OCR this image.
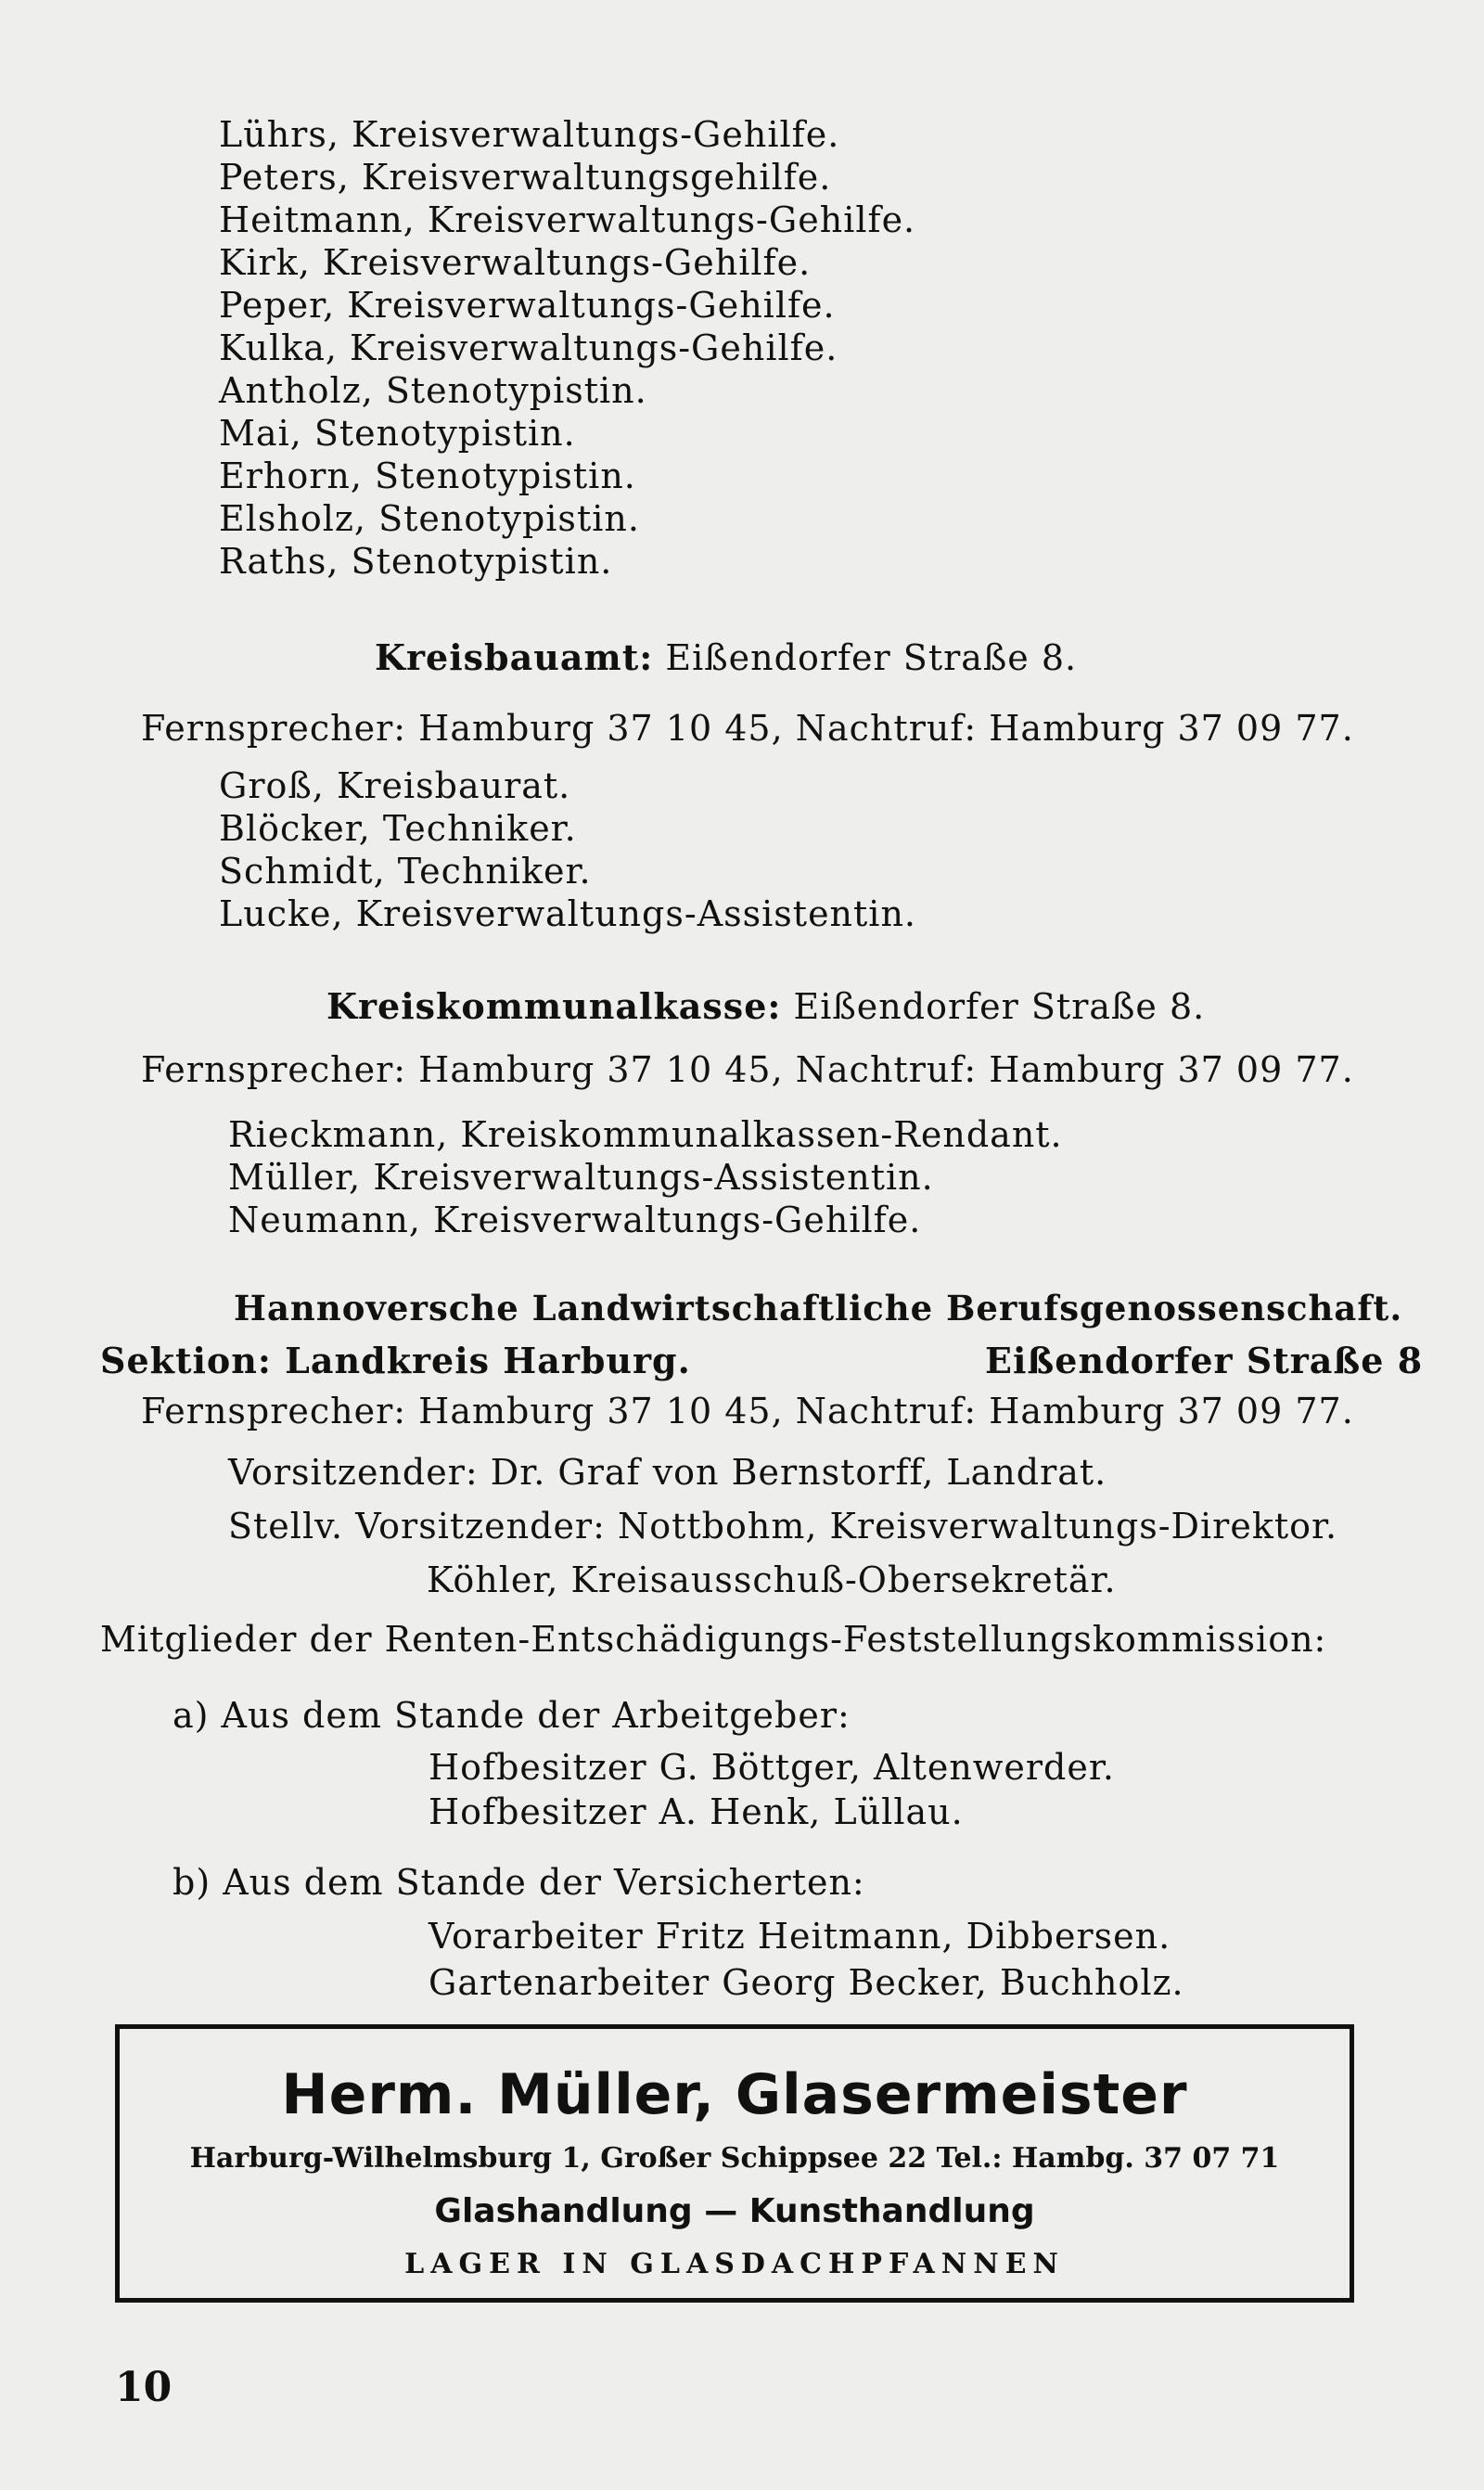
Lührs, Kreisverwaltungs-Gehilfe.
Peters, Kreisverwaltungsgehilfe.
Heitmann, Kreisverwaltungs-Gehilfe.
Kirk, Kreisverwaltungs-Gehilfe.
Peper, Kreisverwaltungs-Gehilfe.
Kulka, Kreisverwaltungs-Gehilfe.
Antholz, Stenotypistin.
Mai, Stenotypistin.
Erhorn, Stenotypistin.
Elsholz, Stenotypistin.
Raths, Stenotypistin.
Kreisbauamt: Eißendorfer Straße 8.
Fernsprecher: Hamburg 37 10 45, Nachtruf: Hamburg 37 09 77.
Groß, Kreisbaurat.
Blöcker, Techniker.
Schmidt, Techniker.
Lucke, Kreisverwaltungs-Assistentin.
Kreiskommunalkasse: Eißendorfer Straße 8.
Fernsprecher: Hamburg 37 10 45, Nachtruf: Hamburg 37 09 77.
Rieckmann, Kreiskommunalkassen-Rendant.
Müller, Kreisverwaltungs-Assistentin.
Neumann, Kreisverwaltungs-Gehilfe.
Hannoversche Landwirtschaftliche Berufsgenossenschaft.
Sektion: Landkreis Harburg.	Eißendorfer Straße 8
Fernsprecher: Hamburg 37 10 45, Nachtruf: Hamburg 37 09 77.
Vorsitzender: Dr. Graf von Bernstorff, Landrat.
Stellv. Vorsitzender: Nottbohm, Kreisverwaltungs-Direktor.
Köhler, Kreisausschuß-Obersekretär.
Mitglieder der Renten-Entschädigungs-Feststellungskommission:
a) Aus dem Stande der Arbeitgeber:
Hofbesitzer G. Böttger, Altenwerder.
Hofbesitzer A. Henk, Lüllau.
b) Aus dem Stande der Versicherten:
Vorarbeiter Fritz Heitmann, Dibbersen.
Gartenarbeiter Georg Becker, Buchholz.
Herm. Müller, Glasermeister
Harburg-Wilhelmsburg 1, Großer Schippsee 22 Tel.: Hambg. 37 07 71
Glashandlung — Kunsthandlung
LAGER IN GLASDACHPFANNEN
10
